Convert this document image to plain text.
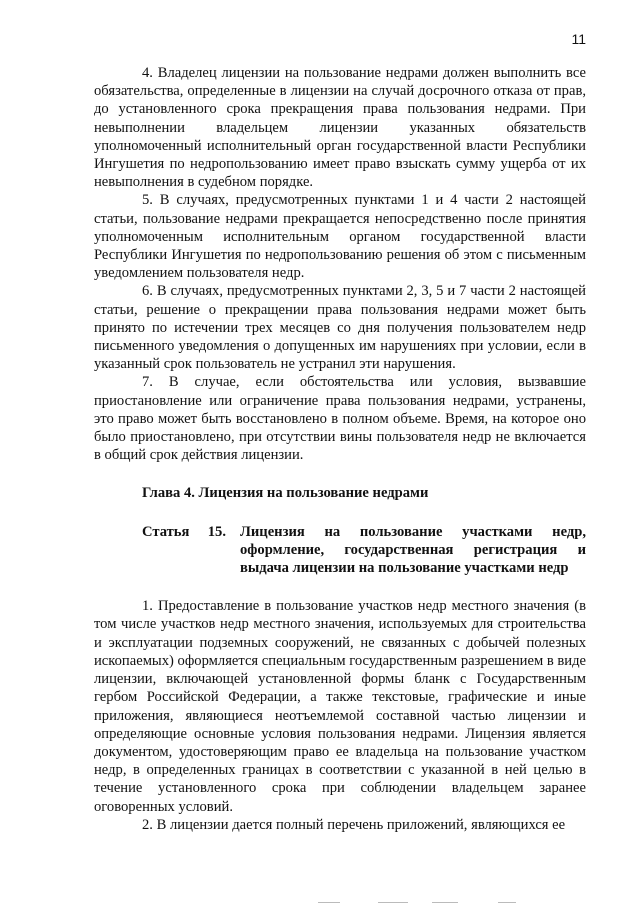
11

4. Владелец лицензии на пользование недрами должен выполнить все обязательства, определенные в лицензии на случай досрочного отказа от прав, до установленного срока прекращения права пользования недрами. При невыполнении владельцем лицензии указанных обязательств уполномоченный исполнительный орган государственной власти Республики Ингушетия по недропользованию имеет право взыскать сумму ущерба от их невыполнения в судебном порядке.

5. В случаях, предусмотренных пунктами 1 и 4 части 2 настоящей статьи, пользование недрами прекращается непосредственно после принятия уполномоченным исполнительным органом государственной власти Республики Ингушетия по недропользованию решения об этом с письменным уведомлением пользователя недр.

6. В случаях, предусмотренных пунктами 2, 3, 5 и 7 части 2 настоящей статьи, решение о прекращении права пользования недрами может быть принято по истечении трех месяцев со дня получения пользователем недр письменного уведомления о допущенных им нарушениях при условии, если в указанный срок пользователь не устранил эти нарушения.

7. В случае, если обстоятельства или условия, вызвавшие приостановление или ограничение права пользования недрами, устранены, это право может быть восстановлено в полном объеме. Время, на которое оно было приостановлено, при отсутствии вины пользователя недр не включается в общий срок действия лицензии.

Глава 4. Лицензия на пользование недрами
Статья 15. Лицензия на пользование участками недр, оформление, государственная регистрация и выдача лицензии на пользование участками недр

1. Предоставление в пользование участков недр местного значения (в том числе участков недр местного значения, используемых для строительства и эксплуатации подземных сооружений, не связанных с добычей полезных ископаемых) оформляется специальным государственным разрешением в виде лицензии, включающей установленной формы бланк с Государственным гербом Российской Федерации, а также текстовые, графические и иные приложения, являющиеся неотъемлемой составной частью лицензии и определяющие основные условия пользования недрами. Лицензия является документом, удостоверяющим право ее владельца на пользование участком недр, в определенных границах в соответствии с указанной в ней целью в течение установленного срока при соблюдении владельцем заранее оговоренных условий.

2. В лицензии дается полный перечень приложений, являющихся ее
